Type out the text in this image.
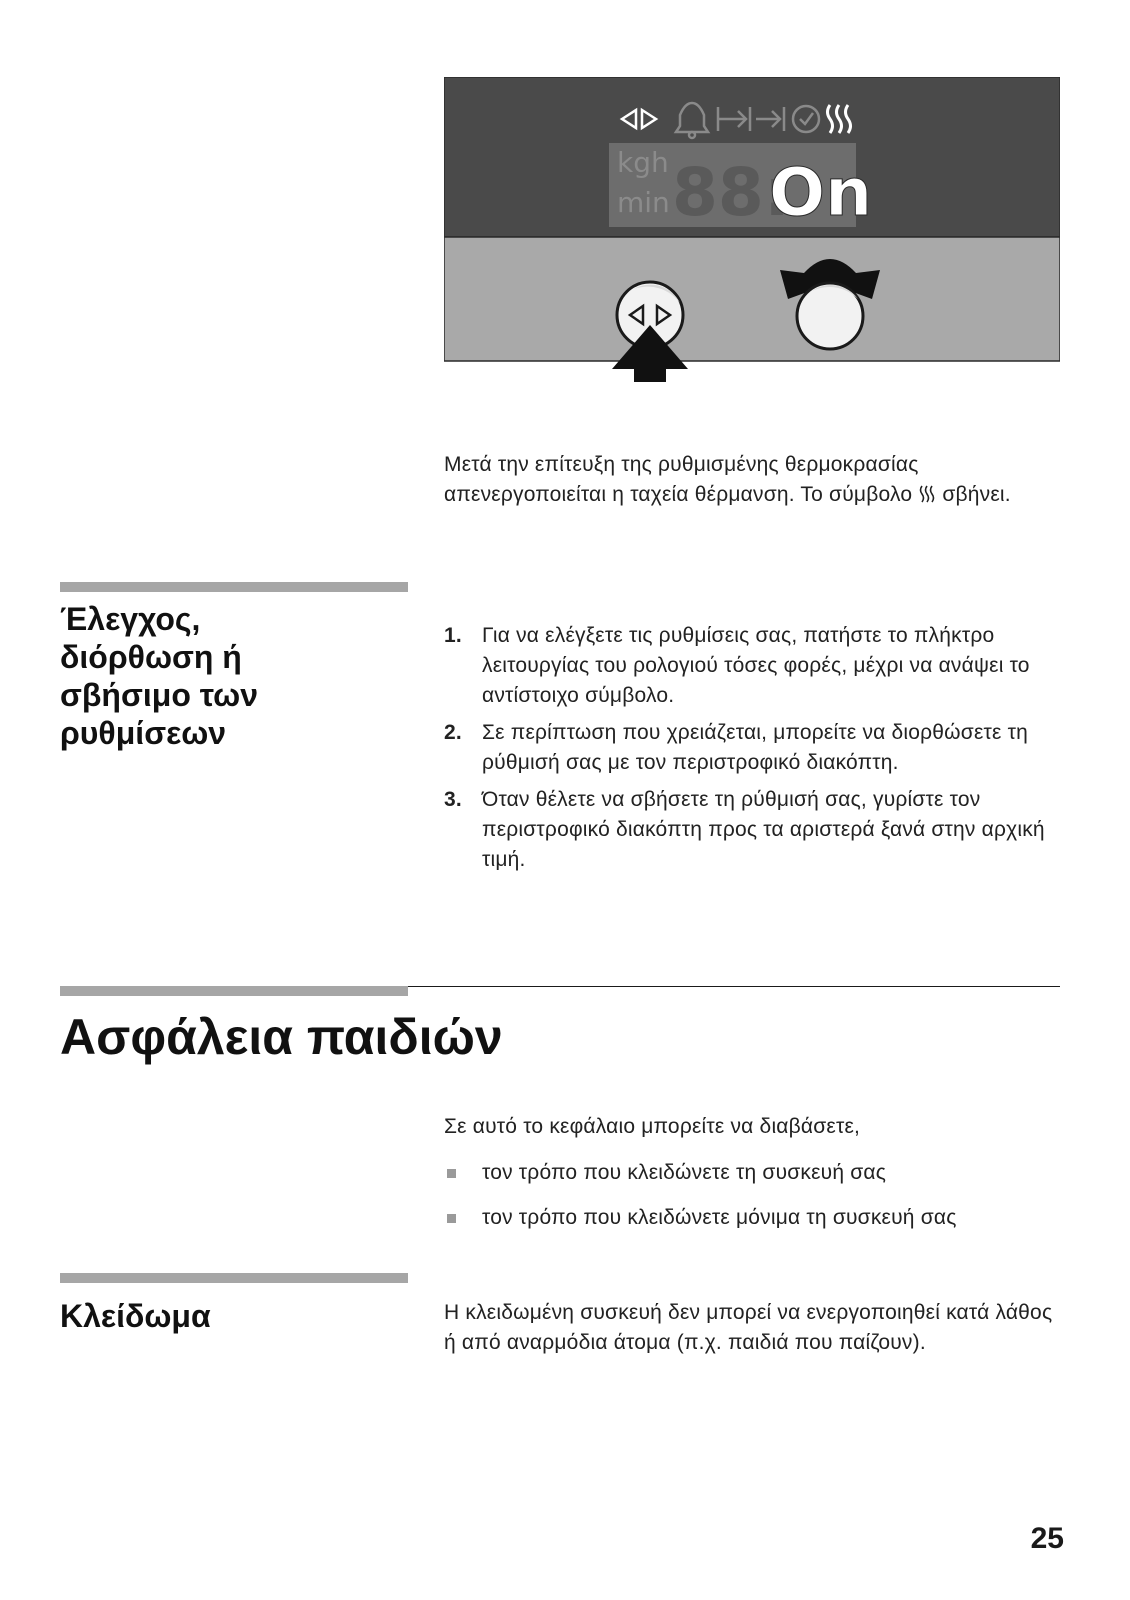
kgh
min 88:
On
Μετά την επίτευξη της ρυθμισμένης θερμοκρασίας απενεργοποιείται η ταχεία θέρμανση. Το σύμβολο σβήνει.
Έλεγχος,
διόρθωση ή
σβήσιμο των
ρυθμίσεων
1. Για να ελέγξετε τις ρυθμίσεις σας, πατήστε το πλήκτρο λειτουργίας του ρολογιού τόσες φορές, μέχρι να ανάψει το αντίστοιχο σύμβολο.
2. Σε περίπτωση που χρειάζεται, μπορείτε να διορθώσετε τη ρύθμισή σας με τον περιστροφικό διακόπτη.
3. Όταν θέλετε να σβήσετε τη ρύθμισή σας, γυρίστε τον περιστροφικό διακόπτη προς τα αριστερά ξανά στην αρχική τιμή.
Ασφάλεια παιδιών
Σε αυτό το κεφάλαιο μπορείτε να διαβάσετε,
τον τρόπο που κλειδώνετε τη συσκευή σας
τον τρόπο που κλειδώνετε μόνιμα τη συσκευή σας
Κλείδωμα	Η κλειδωμένη συσκευή δεν μπορεί να ενεργοποιηθεί κατά λάθος ή από αναρμόδια άτομα (π.χ. παιδιά που παίζουν).
25
